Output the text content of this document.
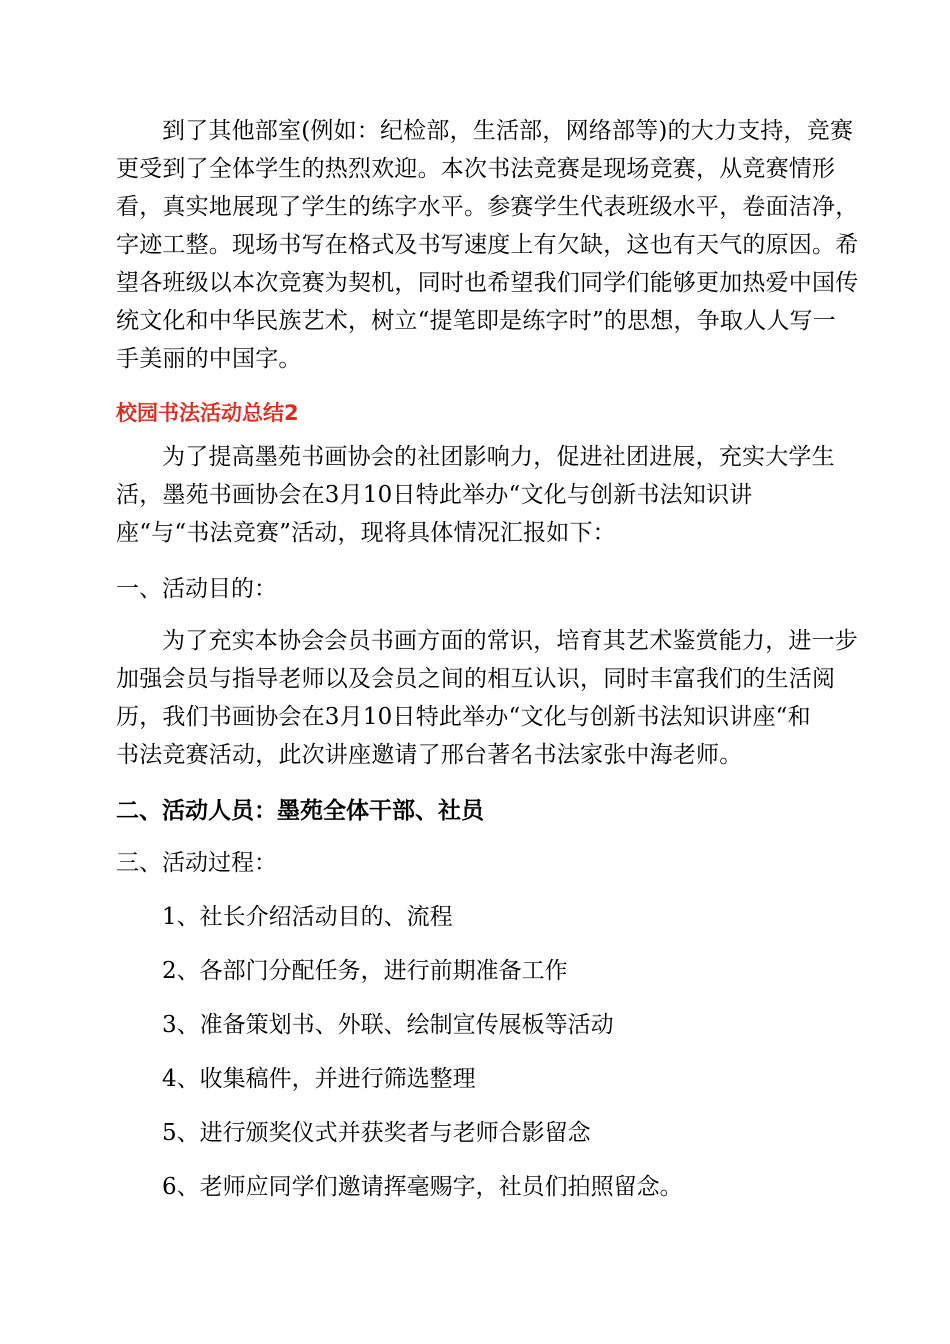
到了其他部室(例如：纪检部，生活部，网络部等)的大力支持，竞赛
更受到了全体学生的热烈欢迎。本次书法竞赛是现场竞赛，从竞赛情形
看，真实地展现了学生的练字水平。参赛学生代表班级水平，卷面洁净，
字迹工整。现场书写在格式及书写速度上有欠缺，这也有天气的原因。希
望各班级以本次竞赛为契机，同时也希望我们同学们能够更加热爱中国传
统文化和中华民族艺术，树立“提笔即是练字时”的思想，争取人人写一
手美丽的中国字。
校园书法活动总结2
为了提高墨苑书画协会的社团影响力，促进社团进展，充实大学生
活，墨苑书画协会在3月10日特此举办“文化与创新书法知识讲
座“与“书法竞赛”活动，现将具体情况汇报如下：

一、活动目的：

为了充实本协会会员书画方面的常识，培育其艺术鉴赏能力，进一步
加强会员与指导老师以及会员之间的相互认识，同时丰富我们的生活阅
历，我们书画协会在3月10日特此举办“文化与创新书法知识讲座“和
书法竞赛活动，此次讲座邀请了邢台著名书法家张中海老师。

二、活动人员：墨苑全体干部、社员

三、活动过程：

1、社长介绍活动目的、流程

2、各部门分配任务，进行前期准备工作

3、准备策划书、外联、绘制宣传展板等活动

4、收集稿件，并进行筛选整理

5、进行颁奖仪式并获奖者与老师合影留念

6、老师应同学们邀请挥毫赐字，社员们拍照留念。
